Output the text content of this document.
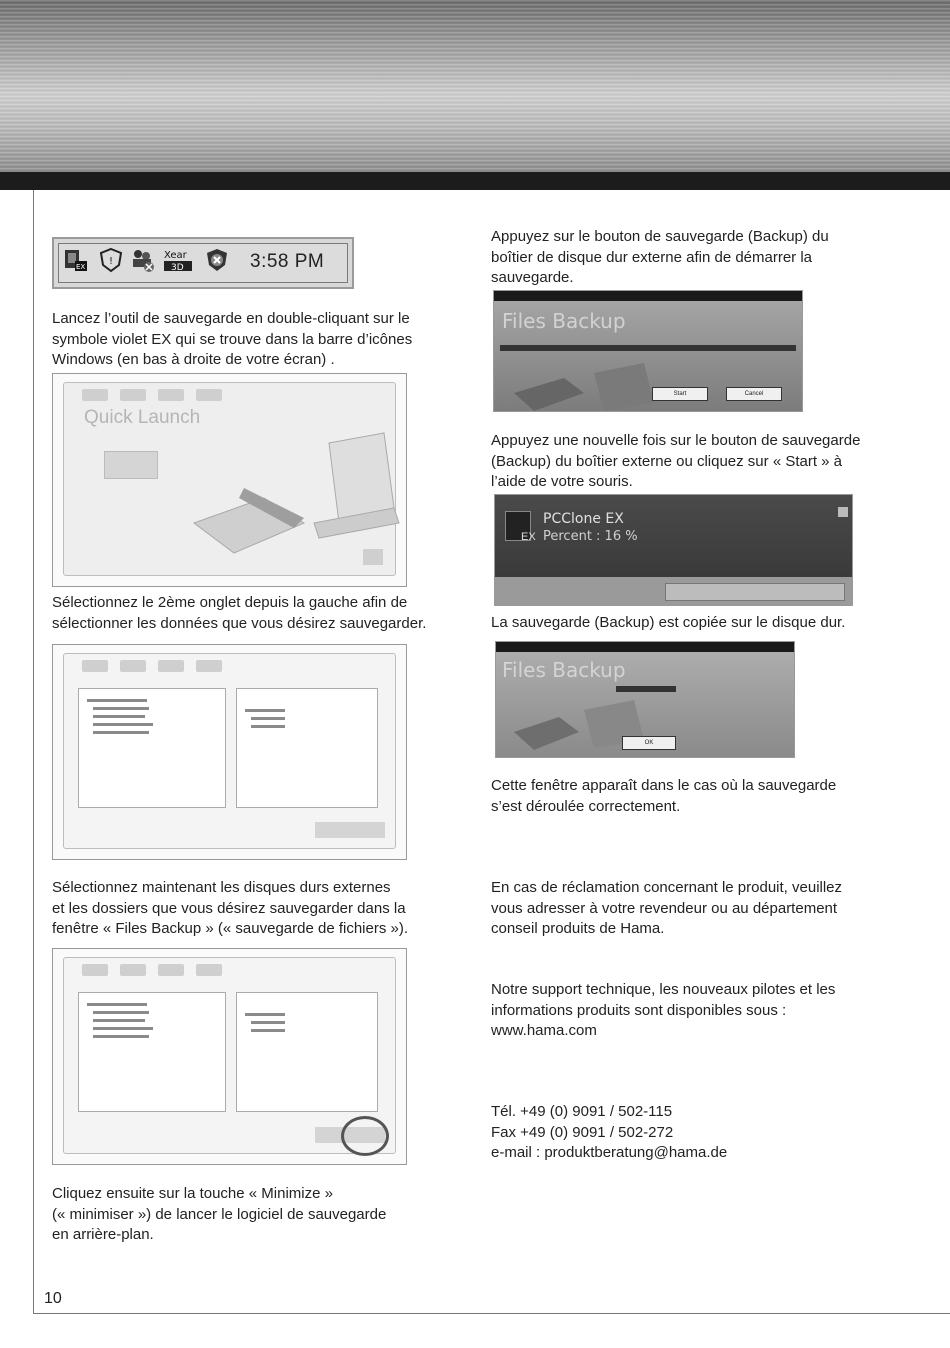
EX !
Xear
3D	3:58 PM
Lancez l’outil de sauvegarde en double-cliquant sur le
symbole violet EX qui se trouve dans la barre d’icônes
Windows (en bas à droite de votre écran) .
Quick Launch
Sélectionnez le 2ème onglet depuis la gauche afin de
sélectionner les données que vous désirez sauvegarder.
Sélectionnez maintenant les disques durs externes
et les dossiers que vous désirez sauvegarder dans la
fenêtre « Files Backup » (« sauvegarde de fichiers »).
Cliquez ensuite sur la touche « Minimize »
(« minimiser ») de lancer le logiciel de sauvegarde
en arrière-plan.
10
Appuyez sur le bouton de sauvegarde (Backup) du
boîtier de disque dur externe afin de démarrer la
sauvegarde.
Files Backup
Start	Cancel
Appuyez une nouvelle fois sur le bouton de sauvegarde
(Backup) du boîtier externe ou cliquez sur « Start » à
l’aide de votre souris.
EX
PCClone EX
Percent : 16 %
La sauvegarde (Backup) est copiée sur le disque dur.
Files Backup
OK
Cette fenêtre apparaît dans le cas où la sauvegarde
s’est déroulée correctement.
En cas de réclamation concernant le produit, veuillez
vous adresser à votre revendeur ou au département
conseil produits de Hama.
Notre support technique, les nouveaux pilotes et les
informations produits sont disponibles sous :
www.hama.com
Tél. +49 (0) 9091 / 502-115
Fax +49 (0) 9091 / 502-272
e-mail : produktberatung@hama.de
